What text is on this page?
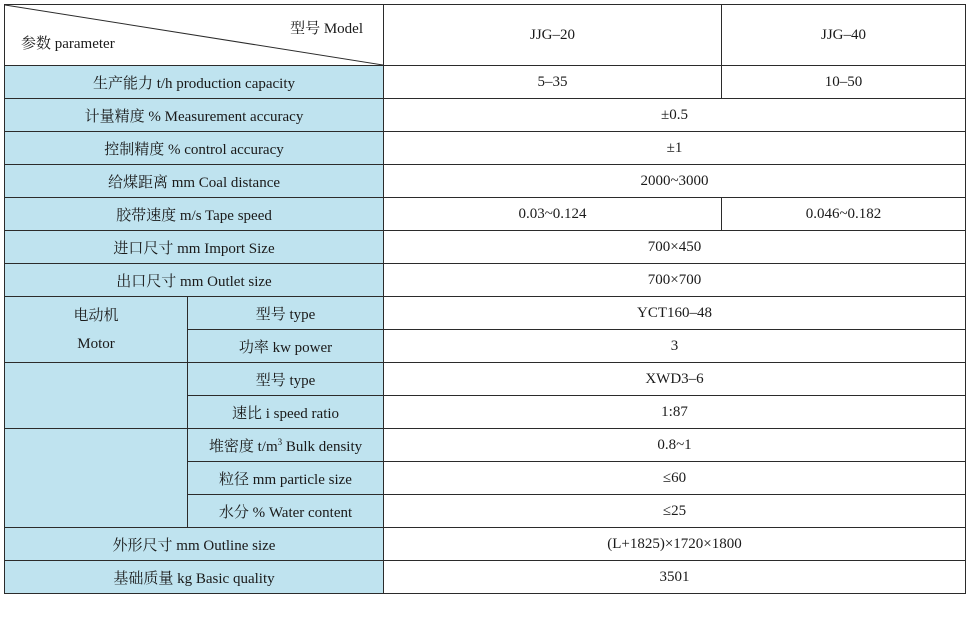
型号 Model
参数 parameter		JJG–20	JJG–40
生产能力 t/h production capacity		5–35	10–50
计量精度 % Measurement accuracy		±0.5	
控制精度 % control accuracy		±1	
给煤距离 mm Coal distance		2000~3000	
胶带速度 m/s Tape speed		0.03~0.124	0.046~0.182
进口尺寸 mm Import Size		700×450	
出口尺寸 mm Outlet size		700×700	

电动机
Motor	型号 type	YCT160–48	
	功率 kw power	3	
	型号 type	XWD3–6	
	速比 i speed ratio	1:87	
	堆密度 $t/m^3$ Bulk density	0.8~1	
	粒径 mm particle size	≤60	
	水分 % Water content	≤25	
外形尺寸 mm Outline size		(L+1825)×1720×1800	
基础质量 kg Basic quality		3501	
